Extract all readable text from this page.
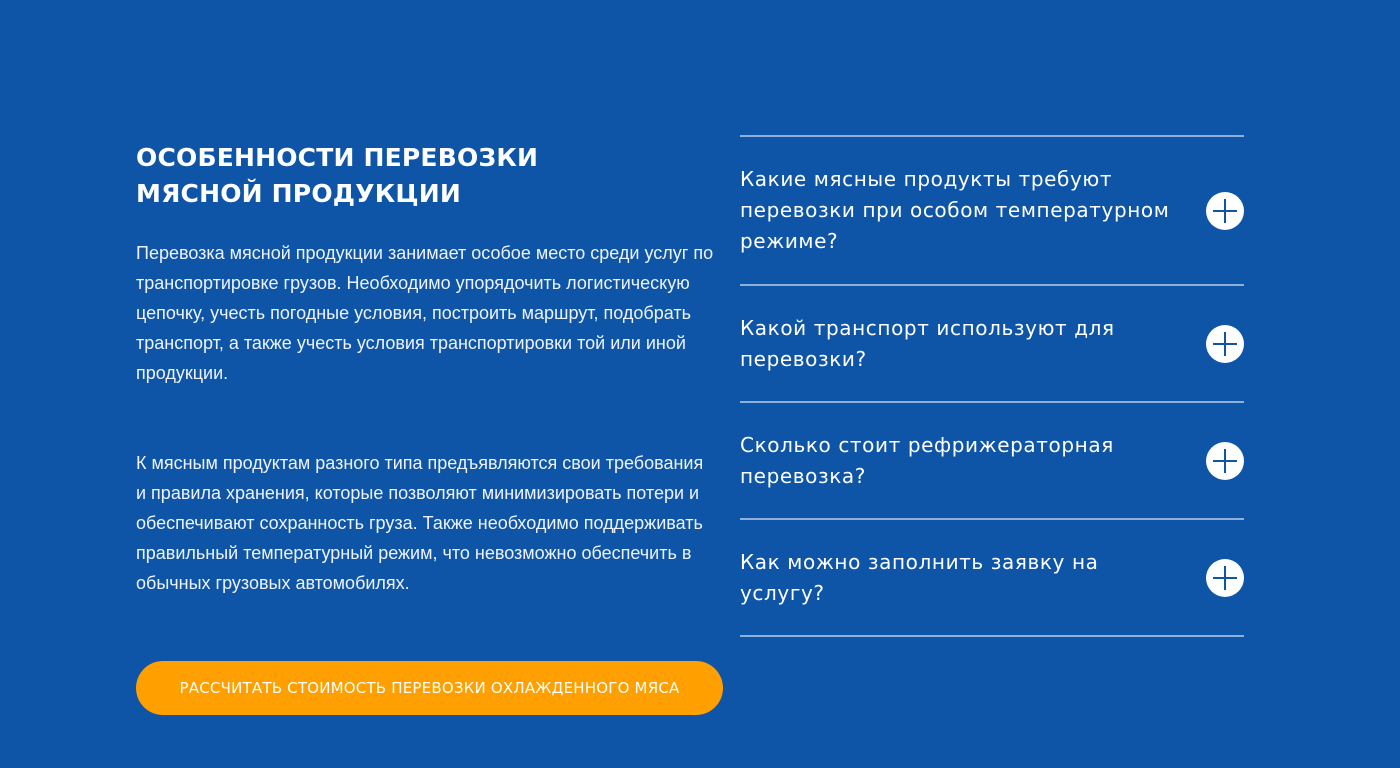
ОСОБЕННОСТИ ПЕРЕВОЗКИ
МЯСНОЙ ПРОДУКЦИИ

Перевозка мясной продукции занимает особое место среди услуг по транспортировке грузов. Необходимо упорядочить логистическую цепочку, учесть погодные условия, построить маршрут, подобрать транспорт, а также учесть условия транспортировки той или иной продукции.

К мясным продуктам разного типа предъявляются свои требования и правила хранения, которые позволяют минимизировать потери и обеспечивают сохранность груза. Также необходимо поддерживать правильный температурный режим, что невозможно обеспечить в обычных грузовых автомобилях.

РАССЧИТАТЬ СТОИМОСТЬ ПЕРЕВОЗКИ ОХЛАЖДЕННОГО МЯСА
Какие мясные продукты требуют перевозки при особом температурном режиме?
Какой транспорт используют для перевозки?
Сколько стоит рефрижераторная перевозка?
Как можно заполнить заявку на услугу?
